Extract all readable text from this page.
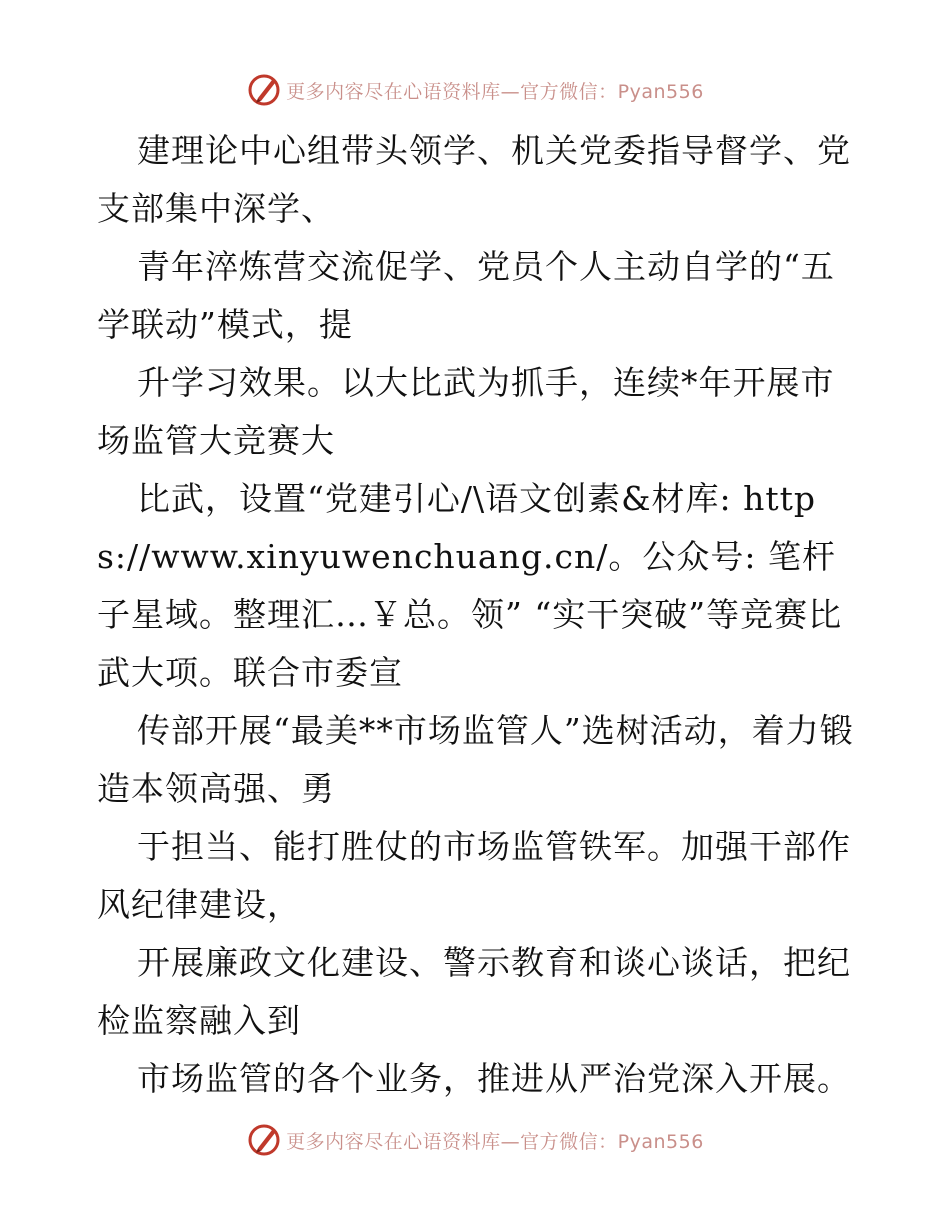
更多内容尽在心语资料库—官方微信：Pyan556

建理论中心组带头领学、机关党委指导督学、党支部集中深学、

青年淬炼营交流促学、党员个人主动自学的“五学联动”模式，提

升学习效果。以大比武为抓手，连续*年开展市场监管大竞赛大

比武，设置“党建引心/\语文创素&材库: https://www.xinyuwenchuang.cn/。公众号: 笔杆子星域。整理汇…￥总。领” “实干突破”等竞赛比武大项。联合市委宣

传部开展“最美**市场监管人”选树活动，着力锻造本领高强、勇

于担当、能打胜仗的市场监管铁军。加强干部作风纪律建设，

开展廉政文化建设、警示教育和谈心谈话，把纪检监察融入到

市场监管的各个业务，推进从严治党深入开展。

更多内容尽在心语资料库—官方微信：Pyan556
